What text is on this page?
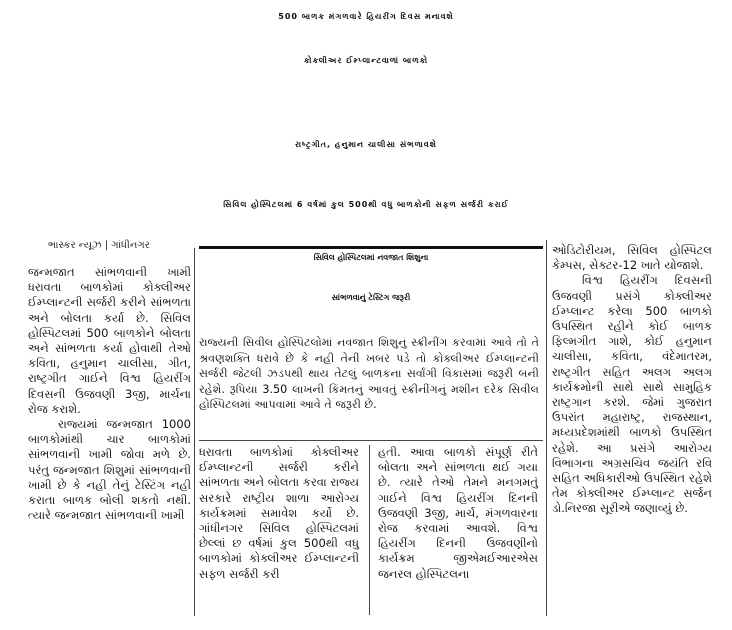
500 બાળક મંગળવારે હિયરીંગ દિવસ મનાવશે
કોક્લીઅર ઈમ્પ્લાન્ટવાળાં બાળકો
રાષ્ટ્રગીત, હનુમાન ચાલીસા સંભળાવશે
સિવિલ હોસ્પિટલમાં 6 વર્ષમાં કુલ 500થી વધુ બાળકોની સફળ સર્જરી કરાઈ
ભાસ્કર ન્યૂઝ | ગાંધીનગર

જન્મજાત સાંભળવાની ખામી ધરાવતા બાળકોમાં કોક્લીઅર ઈમ્પ્લાન્ટની સર્જરી કરીને સાંભળતા અને બોલતા કર્યા છે. સિવિલ હોસ્પિટલમાં 500 બાળકોને બોલતા અને સાંભળતા કર્યા હોવાથી તેઓ કવિતા, હનુમાન ચાલીસા, ગીત, રાષ્ટ્રગીત ગાઈને વિશ્વ હિયરીંગ દિવસની ઉજવણી 3જી, માર્ચના રોજ કરાશે.

રાજ્યમાં જન્મજાત 1000 બાળકોમાંથી ચાર બાળકોમાં સાંભળવાની ખામી જોવા મળે છે. પરંતુ જન્મજાત શિશુમાં સાંભળવાની ખામી છે કે નહી તેનું ટેસ્ટિંગ નહી કરાતા બાળક બોલી શકતો નથી. ત્યારે જન્મજાત સાંભળવાની ખામી

સિવિલ હોસ્પિટલમાં નવજાત શિશુના
સાંભળવાનું ટેસ્ટિંગ જરૂરી

રાજ્યની સિવીલ હોસ્પિટલોમાં નવજાત શિશુનું સ્ક્રીનીંગ કરવામાં આવે તો તે શ્રવણશક્તિ ધરાવે છે કે નહી તેની ખબર પડે તો કોક્લીઅર ઈમ્પ્લાન્ટની સર્જરી જેટલી ઝડપથી થાય તેટલું બાળકના સર્વાંગી વિકાસમાં જરૂરી બની રહેશે. રૂપિયા 3.50 લાખની કિંમતનું આવતું સ્ક્રીનીંગનું મશીન દરેક સિવીલ હોસ્પિટલમાં આપવામાં આવે તે જરૂરી છે.

ધરાવતા બાળકોમાં કોક્લીઅર ઈમ્પ્લાન્ટની સર્જરી કરીને સાંભળતા અને બોલતા કરવા રાજ્ય સરકારે રાષ્ટ્રીય શાળા આરોગ્ય કાર્યક્રમમાં સમાવેશ કર્યો છે. ગાંધીનગર સિવિલ હોસ્પિટલમાં છેલ્લાં છ વર્ષમાં કુલ 500થી વધુ બાળકોમાં કોક્લીઅર ઈમ્પ્લાન્ટની સફળ સર્જરી કરી

હતી. આવા બાળકો સંપૂર્ણ રીતે બોલતા અને સાંભળતા થઈ ગયા છે. ત્યારે તેઓ તેમને મનગમતું ગાઈને વિશ્વ હિયરીંગ દિનની ઉજવણી 3જી, માર્ચ, મંગળવારના રોજ કરવામાં આવશે. વિશ્વ હિયરીંગ દિનની ઉજવણીનો કાર્યક્રમ જીએમઈઆરએસ જનરલ હોસ્પિટલના

ઓડિટોરીયમ, સિવિલ હોસ્પિટલ કેમ્પસ, સેક્ટર-12 ખાતે યોજાશે.

વિશ્વ હિયરીંગ દિવસની ઉજવણી પ્રસંગે કોક્લીઅર ઈમ્પ્લાન્ટ કરેલા 500 બાળકો ઉપસ્થિત રહીને કોઈ બાળક ફિલ્મગીત ગાશે, કોઈ હનુમાન ચાલીસા, કવિતા, વંદેમાતરમ, રાષ્ટ્રગીત સહિત અલગ અલગ કાર્યક્રમોની સાથે સાથે સામુહિક રાષ્ટ્રગાન કરશે. જેમાં ગુજરાત ઉપરાંત મહારાષ્ટ્ર, રાજસ્થાન, મધ્યપ્રદેશમાંથી બાળકો ઉપસ્થિત રહેશે. આ પ્રસંગે આરોગ્ય વિભાગના અગ્રસચિવ જયંતિ રવિ સહિત અધિકારીઓ ઉપસ્થિત રહેશે તેમ કોક્લીઅર ઈમ્પ્લાન્ટ સર્જન ડો.નિરજા સૂરીએ જણાવ્યું છે.
